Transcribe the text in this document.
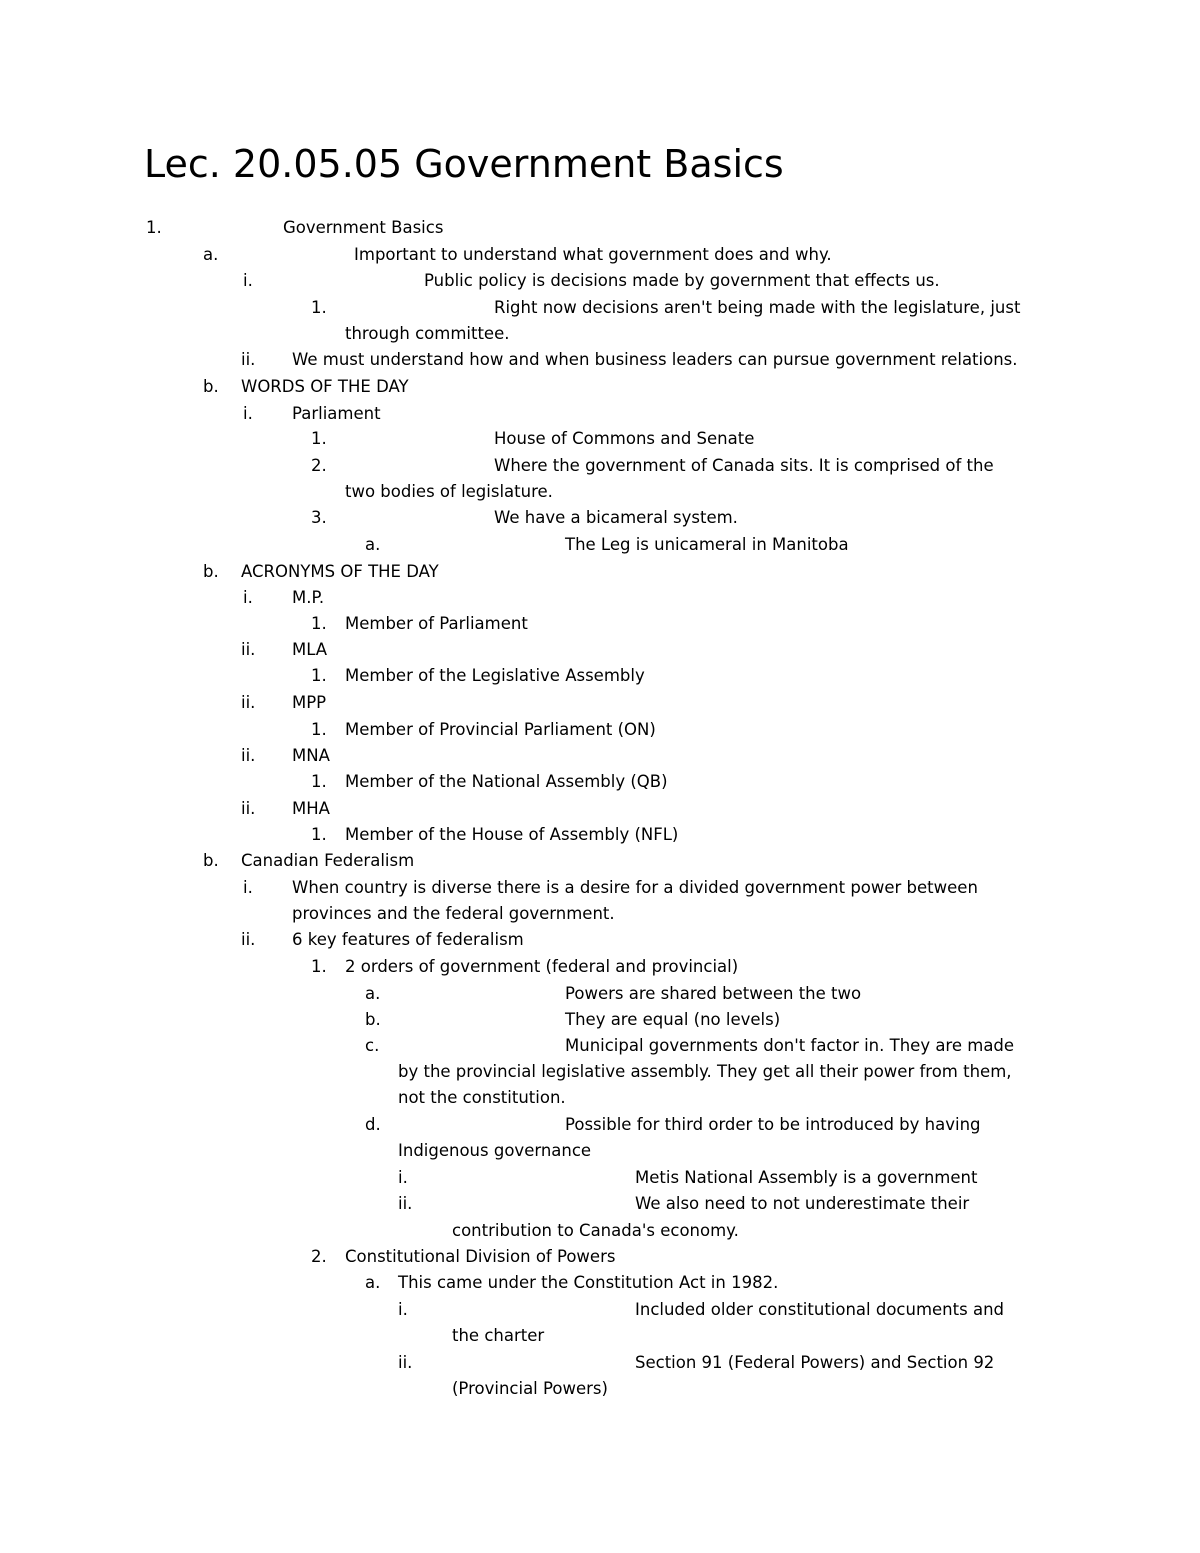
Lec. 20.05.05 Government Basics
1.	Government Basics
a.	Important to understand what government does and why.
i.	Public policy is decisions made by government that effects us.
1.	Right now decisions aren't being made with the legislature, just
through committee.
ii. We must understand how and when business leaders can pursue government relations.
b. WORDS OF THE DAY
i. Parliament
1.	House of Commons and Senate
2.	Where the government of Canada sits. It is comprised of the
two bodies of legislature.
3.	We have a bicameral system.
a.	The Leg is unicameral in Manitoba
b. ACRONYMS OF THE DAY
i. M.P.
1. Member of Parliament
ii. MLA
1. Member of the Legislative Assembly
ii. MPP
1. Member of Provincial Parliament (ON)
ii. MNA
1. Member of the National Assembly (QB)
ii. MHA
1. Member of the House of Assembly (NFL)
b. Canadian Federalism
i. When country is diverse there is a desire for a divided government power between
provinces and the federal government.
ii. 6 key features of federalism
1. 2 orders of government (federal and provincial)
a.	Powers are shared between the two
b.	They are equal (no levels)
c.	Municipal governments don't factor in. They are made
by the provincial legislative assembly. They get all their power from them,
not the constitution.
d.	Possible for third order to be introduced by having
Indigenous governance
i.	Metis National Assembly is a government
ii.	We also need to not underestimate their
contribution to Canada's economy.
2. Constitutional Division of Powers
a. This came under the Constitution Act in 1982.
i.	Included older constitutional documents and
the charter
ii.	Section 91 (Federal Powers) and Section 92
(Provincial Powers)
